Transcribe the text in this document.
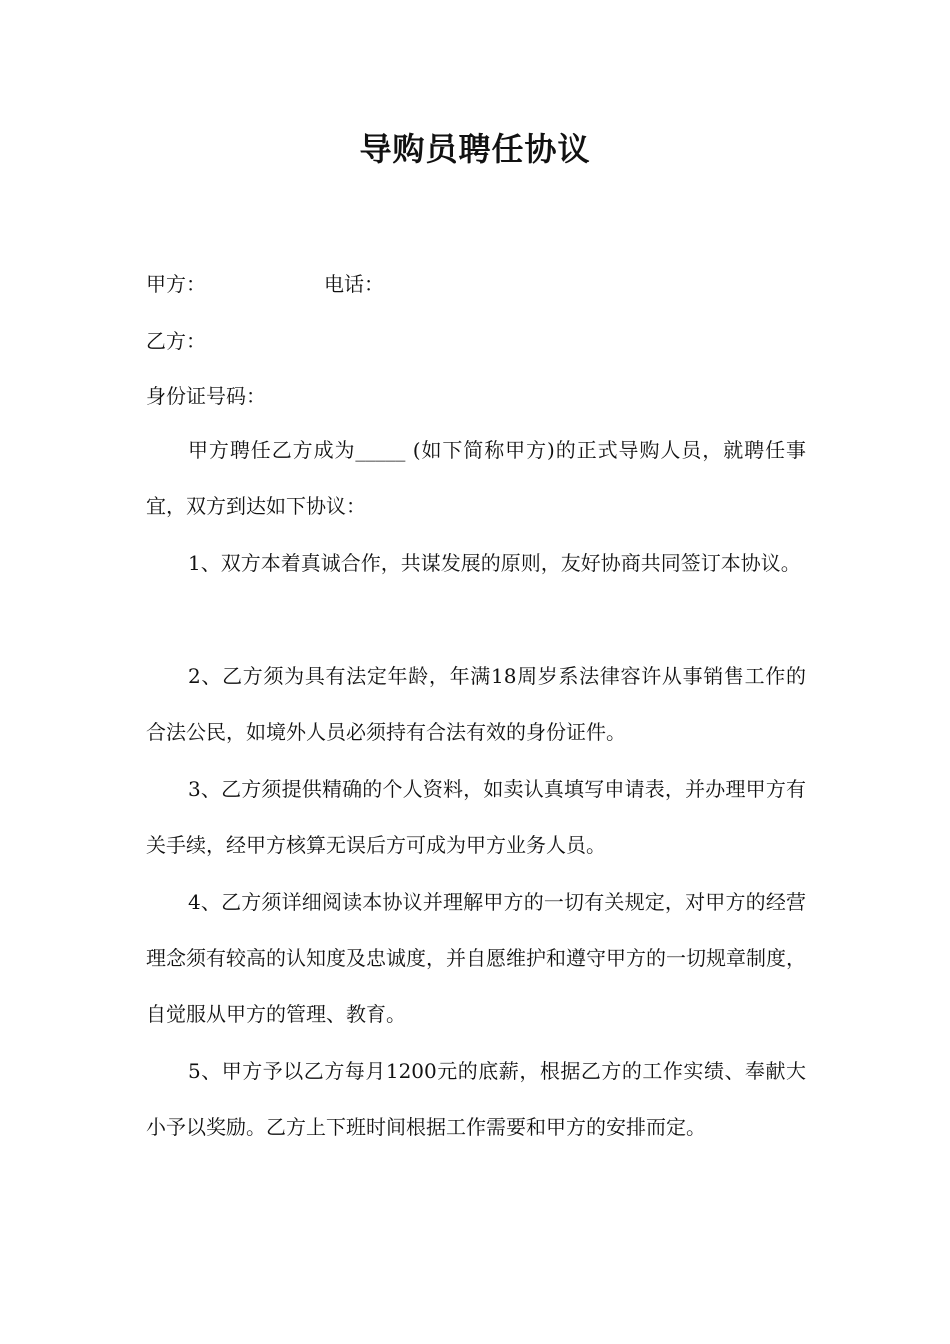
导购员聘任协议
甲方：	电话：
乙方：
身份证号码：
甲方聘任乙方成为_____ (如下简称甲方)的正式导购人员，就聘任事宜，双方到达如下协议：
1、双方本着真诚合作，共谋发展的原则，友好协商共同签订本协议。
2、乙方须为具有法定年龄，年满18周岁系法律容许从事销售工作的合法公民，如境外人员必须持有合法有效的身份证件。
3、乙方须提供精确的个人资料，如卖认真填写申请表，并办理甲方有关手续，经甲方核算无误后方可成为甲方业务人员。
4、乙方须详细阅读本协议并理解甲方的一切有关规定，对甲方的经营理念须有较高的认知度及忠诚度，并自愿维护和遵守甲方的一切规章制度，自觉服从甲方的管理、教育。
5、甲方予以乙方每月1200元的底薪，根据乙方的工作实绩、奉献大小予以奖励。乙方上下班时间根据工作需要和甲方的安排而定。
